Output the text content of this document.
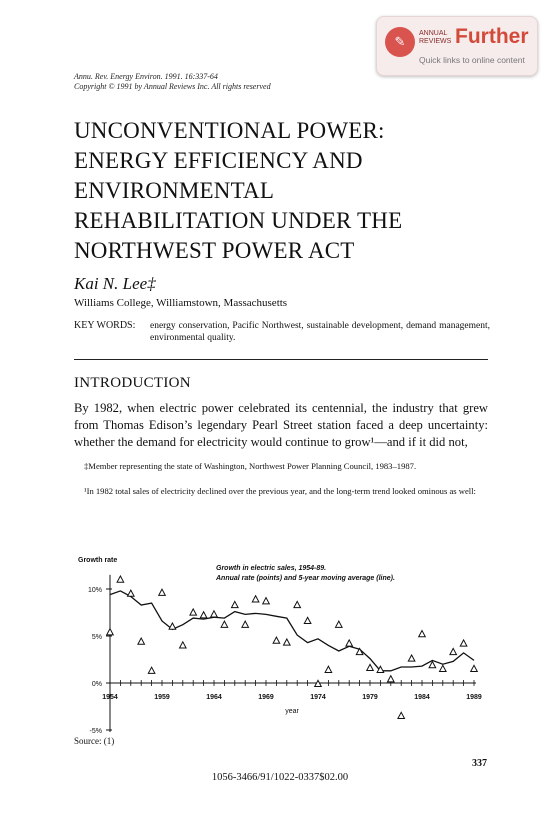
✎
ANNUAL REVIEWS Further
Quick links to online content
Annu. Rev. Energy Environ. 1991. 16:337-64
Copyright © 1991 by Annual Reviews Inc. All rights reserved
UNCONVENTIONAL POWER:
ENERGY EFFICIENCY AND
ENVIRONMENTAL
REHABILITATION UNDER THE
NORTHWEST POWER ACT
Kai N. Lee‡
Williams College, Williamstown, Massachusetts
KEY WORDS: energy conservation, Pacific Northwest, sustainable development, demand management, environmental quality.
INTRODUCTION
By 1982, when electric power celebrated its centennial, the industry that grew from Thomas Edison’s legendary Pearl Street station faced a deep uncertainty: whether the demand for electricity would continue to grow¹—and if it did not,
‡Member representing the state of Washington, Northwest Power Planning Council, 1983–1987.
¹In 1982 total sales of electricity declined over the previous year, and the long-term trend looked ominous as well:
10%
5%
0%
-5%
1954	1959	1964	1969	1974	1979	1984	1989
Growth rate
year
Growth in electric sales, 1954-89.
Annual rate (points) and 5-year moving average (line).
Source: (1)
337
1056-3466/91/1022-0337$02.00
